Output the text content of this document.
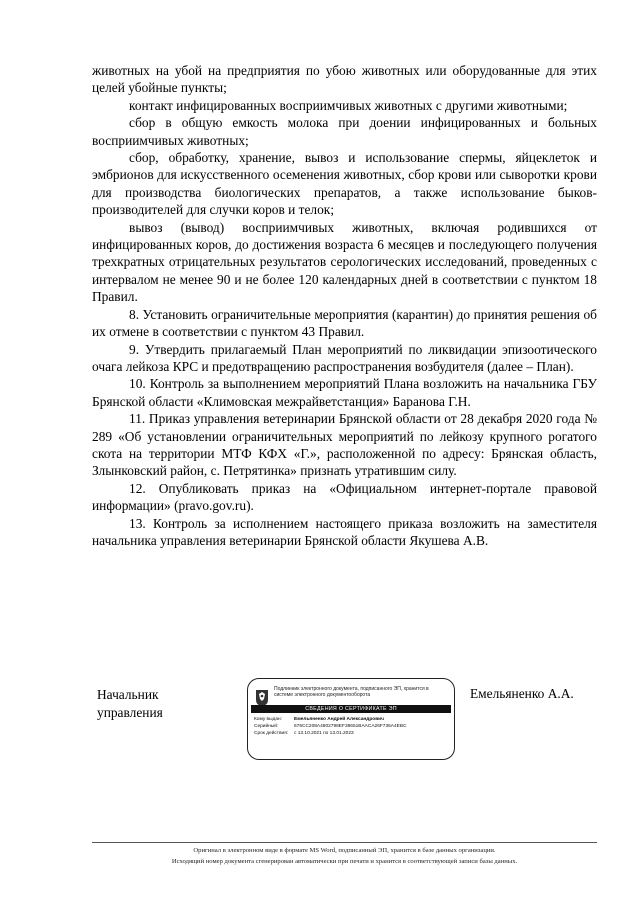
животных на убой на предприятия по убою животных или оборудованные для этих целей убойные пункты;

контакт инфицированных восприимчивых животных с другими животными;

сбор в общую емкость молока при доении инфицированных и больных восприимчивых животных;

сбор, обработку, хранение, вывоз и использование спермы, яйцеклеток и эмбрионов для искусственного осеменения животных, сбор крови или сыворотки крови для производства биологических препаратов, а также использование быков-производителей для случки коров и телок;

вывоз (вывод) восприимчивых животных, включая родившихся от инфицированных коров, до достижения возраста 6 месяцев и последующего получения трехкратных отрицательных результатов серологических исследований, проведенных с интервалом не менее 90 и не более 120 календарных дней в соответствии с пунктом 18 Правил.

8. Установить ограничительные мероприятия (карантин) до принятия решения об их отмене в соответствии с пунктом 43 Правил.

9. Утвердить прилагаемый План мероприятий по ликвидации эпизоотического очага лейкоза КРС и предотвращению распространения возбудителя (далее – План).

10. Контроль за выполнением мероприятий Плана возложить на начальника ГБУ Брянской области «Климовская межрайветстанция» Баранова Г.Н.

11. Приказ управления ветеринарии Брянской области от 28 декабря 2020 года № 289 «Об установлении ограничительных мероприятий по лейкозу крупного рогатого скота на территории МТФ КФХ «Г.», расположенной по адресу: Брянская область, Злынковский район, с. Петрятинка» признать утратившим силу.

12. Опубликовать приказ на «Официальном интернет-портале правовой информации» (pravo.gov.ru).

13. Контроль за исполнением настоящего приказа возложить на заместителя начальника управления ветеринарии Брянской области Якушева А.В.

Начальник
управления
Подлинник электронного документа, подписанного ЭП, хранится в системе электронного документооборота
СВЕДЕНИЯ О СЕРТИФИКАТЕ ЭП
Кому выдан:	Емельяненко Андрей Александрович
Серийный:	676CC208A4802798EF38651BAACA26F736A4EBC
Срок действия: с 13.10.2021 по 13.01.2023
Емельяненко А.А.
Оригинал в электронном виде в формате MS Word, подписанный ЭП, хранится в базе данных организации.
Исходящий номер документа сгенерирован автоматически при печати и хранится в соответствующей записи базы данных.
